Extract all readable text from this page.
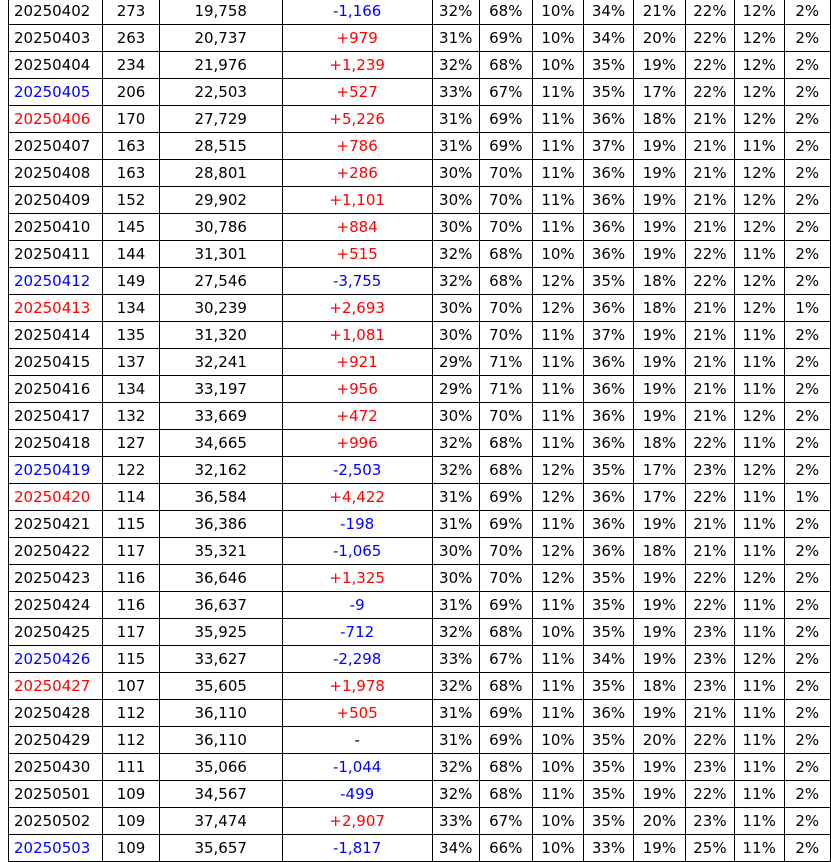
20250402	273	19,758	-1,166	32%	68%	10%	34%	21%	22%	12%	2%
20250403	263	20,737	+979	31%	69%	10%	34%	20%	22%	12%	2%
20250404	234	21,976	+1,239	32%	68%	10%	35%	19%	22%	12%	2%
20250405	206	22,503	+527	33%	67%	11%	35%	17%	22%	12%	2%
20250406	170	27,729	+5,226	31%	69%	11%	36%	18%	21%	12%	2%
20250407	163	28,515	+786	31%	69%	11%	37%	19%	21%	11%	2%
20250408	163	28,801	+286	30%	70%	11%	36%	19%	21%	12%	2%
20250409	152	29,902	+1,101	30%	70%	11%	36%	19%	21%	12%	2%
20250410	145	30,786	+884	30%	70%	11%	36%	19%	21%	12%	2%
20250411	144	31,301	+515	32%	68%	10%	36%	19%	22%	11%	2%
20250412	149	27,546	-3,755	32%	68%	12%	35%	18%	22%	12%	2%
20250413	134	30,239	+2,693	30%	70%	12%	36%	18%	21%	12%	1%
20250414	135	31,320	+1,081	30%	70%	11%	37%	19%	21%	11%	2%
20250415	137	32,241	+921	29%	71%	11%	36%	19%	21%	11%	2%
20250416	134	33,197	+956	29%	71%	11%	36%	19%	21%	11%	2%
20250417	132	33,669	+472	30%	70%	11%	36%	19%	21%	12%	2%
20250418	127	34,665	+996	32%	68%	11%	36%	18%	22%	11%	2%
20250419	122	32,162	-2,503	32%	68%	12%	35%	17%	23%	12%	2%
20250420	114	36,584	+4,422	31%	69%	12%	36%	17%	22%	11%	1%
20250421	115	36,386	-198	31%	69%	11%	36%	19%	21%	11%	2%
20250422	117	35,321	-1,065	30%	70%	12%	36%	18%	21%	11%	2%
20250423	116	36,646	+1,325	30%	70%	12%	35%	19%	22%	12%	2%
20250424	116	36,637	-9	31%	69%	11%	35%	19%	22%	11%	2%
20250425	117	35,925	-712	32%	68%	10%	35%	19%	23%	11%	2%
20250426	115	33,627	-2,298	33%	67%	11%	34%	19%	23%	12%	2%
20250427	107	35,605	+1,978	32%	68%	11%	35%	18%	23%	11%	2%
20250428	112	36,110	+505	31%	69%	11%	36%	19%	21%	11%	2%
20250429	112	36,110	-	31%	69%	10%	35%	20%	22%	11%	2%
20250430	111	35,066	-1,044	32%	68%	10%	35%	19%	23%	11%	2%
20250501	109	34,567	-499	32%	68%	11%	35%	19%	22%	11%	2%
20250502	109	37,474	+2,907	33%	67%	10%	35%	20%	23%	11%	2%
20250503	109	35,657	-1,817	34%	66%	10%	33%	19%	25%	11%	2%
